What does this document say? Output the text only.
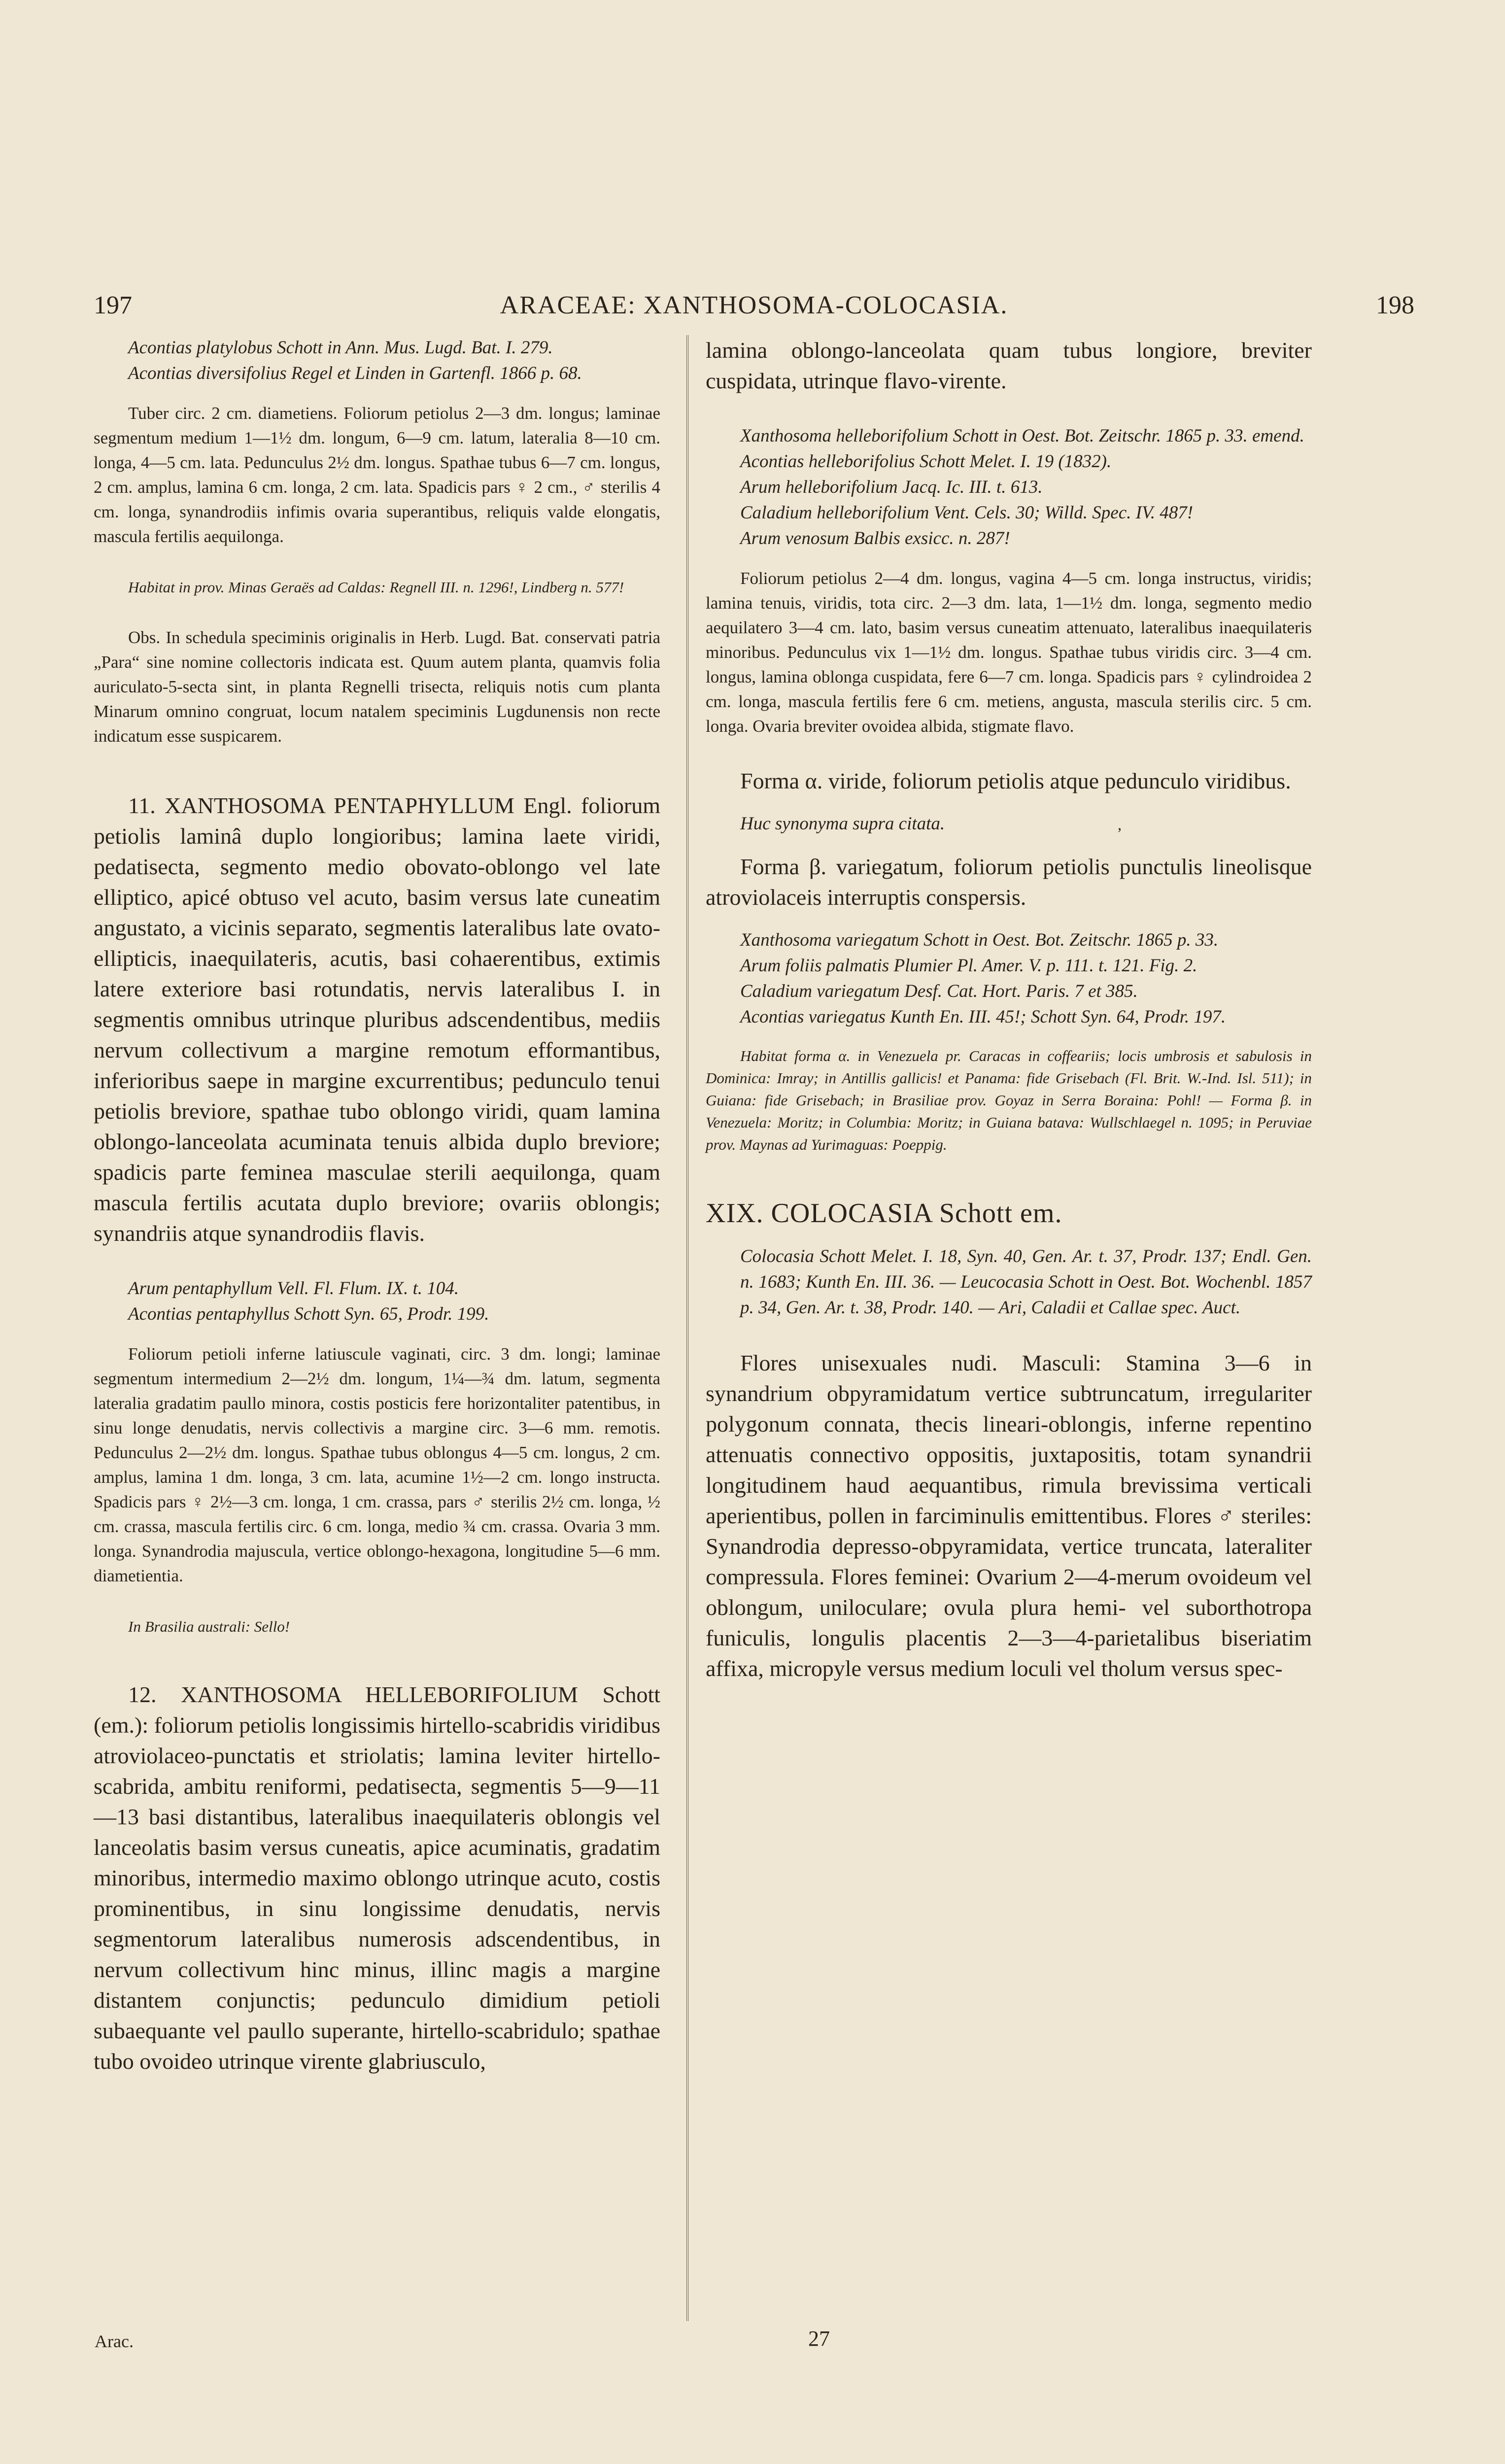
ARACEAE: XANTHOSOMA-COLOCASIA.
197	198

Acontias platylobus Schott in Ann. Mus. Lugd. Bat. I. 279.

Acontias diversifolius Regel et Linden in Gartenfl. 1866 p. 68.

Tuber circ. 2 cm. diametiens. Foliorum petiolus 2—3 dm. longus; laminae segmentum medium 1—1½ dm. longum, 6—9 cm. latum, lateralia 8—10 cm. longa, 4—5 cm. lata. Pedunculus 2½ dm. longus. Spathae tubus 6—7 cm. longus, 2 cm. amplus, lamina 6 cm. longa, 2 cm. lata. Spadicis pars ♀ 2 cm., ♂ sterilis 4 cm. longa, synandrodiis infimis ovaria superantibus, reliquis valde elongatis, mascula fertilis aequilonga.

Habitat in prov. Minas Geraës ad Caldas: Regnell III. n. 1296!, Lindberg n. 577!

Obs. In schedula speciminis originalis in Herb. Lugd. Bat. conservati patria „Para“ sine nomine collectoris indicata est. Quum autem planta, quamvis folia auriculato-5-secta sint, in planta Regnelli trisecta, reliquis notis cum planta Minarum omnino congruat, locum natalem speciminis Lugdunensis non recte indicatum esse suspicarem.

11. XANTHOSOMA PENTAPHYLLUM Engl. foliorum petiolis laminâ duplo longioribus; lamina laete viridi, pedatisecta, segmento medio obovato-oblongo vel late elliptico, apicé obtuso vel acuto, basim versus late cuneatim angustato, a vicinis separato, segmentis lateralibus late ovato-ellipticis, inaequilateris, acutis, basi cohaerentibus, extimis latere exteriore basi rotundatis, nervis lateralibus I. in segmentis omnibus utrinque pluribus adscendentibus, mediis nervum collectivum a margine remotum efformantibus, inferioribus saepe in margine excurrentibus; pedunculo tenui petiolis breviore, spathae tubo oblongo viridi, quam lamina oblongo-lanceolata acuminata tenuis albida duplo breviore; spadicis parte feminea masculae sterili aequilonga, quam mascula fertilis acutata duplo breviore; ovariis oblongis; synandriis atque synandrodiis flavis.

Arum pentaphyllum Vell. Fl. Flum. IX. t. 104.

Acontias pentaphyllus Schott Syn. 65, Prodr. 199.

Foliorum petioli inferne latiuscule vaginati, circ. 3 dm. longi; laminae segmentum intermedium 2—2½ dm. longum, 1¼—¾ dm. latum, segmenta lateralia gradatim paullo minora, costis posticis fere horizontaliter patentibus, in sinu longe denudatis, nervis collectivis a margine circ. 3—6 mm. remotis. Pedunculus 2—2½ dm. longus. Spathae tubus oblongus 4—5 cm. longus, 2 cm. amplus, lamina 1 dm. longa, 3 cm. lata, acumine 1½—2 cm. longo instructa. Spadicis pars ♀ 2½—3 cm. longa, 1 cm. crassa, pars ♂ sterilis 2½ cm. longa, ½ cm. crassa, mascula fertilis circ. 6 cm. longa, medio ¾ cm. crassa. Ovaria 3 mm. longa. Synandrodia majuscula, vertice oblongo-hexagona, longitudine 5—6 mm. diametientia.

In Brasilia australi: Sello!

12. XANTHOSOMA HELLEBORIFOLIUM Schott (em.): foliorum petiolis longissimis hirtello-scabridis viridibus atroviolaceo-punctatis et striolatis; lamina leviter hirtello-scabrida, ambitu reniformi, pedatisecta, segmentis 5—9—11—13 basi distantibus, lateralibus inaequilateris oblongis vel lanceolatis basim versus cuneatis, apice acuminatis, gradatim minoribus, intermedio maximo oblongo utrinque acuto, costis prominentibus, in sinu longissime denudatis, nervis segmentorum lateralibus numerosis adscendentibus, in nervum collectivum hinc minus, illinc magis a margine distantem conjunctis; pedunculo dimidium petioli subaequante vel paullo superante, hirtello-scabridulo; spathae tubo ovoideo utrinque virente glabriusculo,

lamina oblongo-lanceolata quam tubus longiore, breviter cuspidata, utrinque flavo-virente.

Xanthosoma helleborifolium Schott in Oest. Bot. Zeitschr. 1865 p. 33. emend.

Acontias helleborifolius Schott Melet. I. 19 (1832).

Arum helleborifolium Jacq. Ic. III. t. 613.

Caladium helleborifolium Vent. Cels. 30; Willd. Spec. IV. 487!

Arum venosum Balbis exsicc. n. 287!

Foliorum petiolus 2—4 dm. longus, vagina 4—5 cm. longa instructus, viridis; lamina tenuis, viridis, tota circ. 2—3 dm. lata, 1—1½ dm. longa, segmento medio aequilatero 3—4 cm. lato, basim versus cuneatim attenuato, lateralibus inaequilateris minoribus. Pedunculus vix 1—1½ dm. longus. Spathae tubus viridis circ. 3—4 cm. longus, lamina oblonga cuspidata, fere 6—7 cm. longa. Spadicis pars ♀ cylindroidea 2 cm. longa, mascula fertilis fere 6 cm. metiens, angusta, mascula sterilis circ. 5 cm. longa. Ovaria breviter ovoidea albida, stigmate flavo.

Forma α. viride, foliorum petiolis atque pedunculo viridibus.

Huc synonyma supra citata.

Forma β. variegatum, foliorum petiolis punctulis lineolisque atroviolaceis interruptis conspersis.

Xanthosoma variegatum Schott in Oest. Bot. Zeitschr. 1865 p. 33.

Arum foliis palmatis Plumier Pl. Amer. V. p. 111. t. 121. Fig. 2.

Caladium variegatum Desf. Cat. Hort. Paris. 7 et 385.

Acontias variegatus Kunth En. III. 45!; Schott Syn. 64, Prodr. 197.

Habitat forma α. in Venezuela pr. Caracas in coffeariis; locis umbrosis et sabulosis in Dominica: Imray; in Antillis gallicis! et Panama: fide Grisebach (Fl. Brit. W.-Ind. Isl. 511); in Guiana: fide Grisebach; in Brasiliae prov. Goyaz in Serra Boraina: Pohl! — Forma β. in Venezuela: Moritz; in Columbia: Moritz; in Guiana batava: Wullschlaegel n. 1095; in Peruviae prov. Maynas ad Yurimaguas: Poeppig.

XIX. COLOCASIA Schott em.

Colocasia Schott Melet. I. 18, Syn. 40, Gen. Ar. t. 37, Prodr. 137; Endl. Gen. n. 1683; Kunth En. III. 36. — Leucocasia Schott in Oest. Bot. Wochenbl. 1857 p. 34, Gen. Ar. t. 38, Prodr. 140. — Ari, Caladii et Callae spec. Auct.

Flores unisexuales nudi. Masculi: Stamina 3—6 in synandrium obpyramidatum vertice subtruncatum, irregulariter polygonum connata, thecis lineari-oblongis, inferne repentino attenuatis connectivo oppositis, juxtapositis, totam synandrii longitudinem haud aequantibus, rimula brevissima verticali aperientibus, pollen in farciminulis emittentibus. Flores ♂ steriles: Synandrodia depresso-obpyramidata, vertice truncata, lateraliter compressula. Flores feminei: Ovarium 2—4-merum ovoideum vel oblongum, uniloculare; ovula plura hemi- vel suborthotropa funiculis, longulis placentis 2—3—4-parietalibus biseriatim affixa, micropyle versus medium loculi vel tholum versus spec-

,
Arac.	27
